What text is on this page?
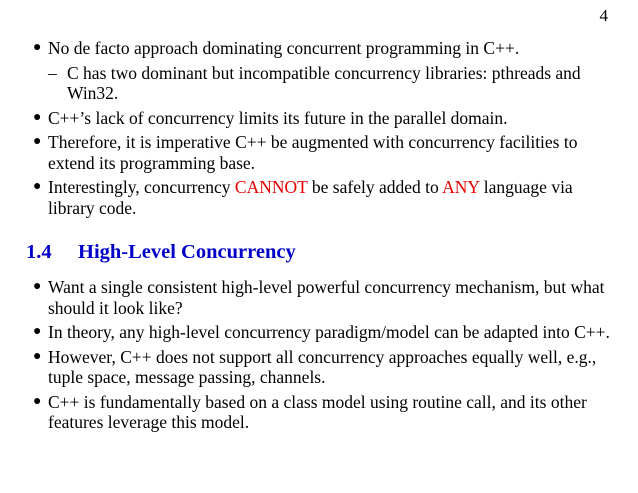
4
● No de facto approach dominating concurrent programming in C++.
– C has two dominant but incompatible concurrency libraries: pthreads and Win32.
● C++’s lack of concurrency limits its future in the parallel domain.
● Therefore, it is imperative C++ be augmented with concurrency facilities to extend its programming base.
● Interestingly, concurrency CANNOT be safely added to ANY language via library code.
1.4 High-Level Concurrency
● Want a single consistent high-level powerful concurrency mechanism, but what should it look like?
● In theory, any high-level concurrency paradigm/model can be adapted into C++.
● However, C++ does not support all concurrency approaches equally well, e.g., tuple space, message passing, channels.
● C++ is fundamentally based on a class model using routine call, and its other features leverage this model.
